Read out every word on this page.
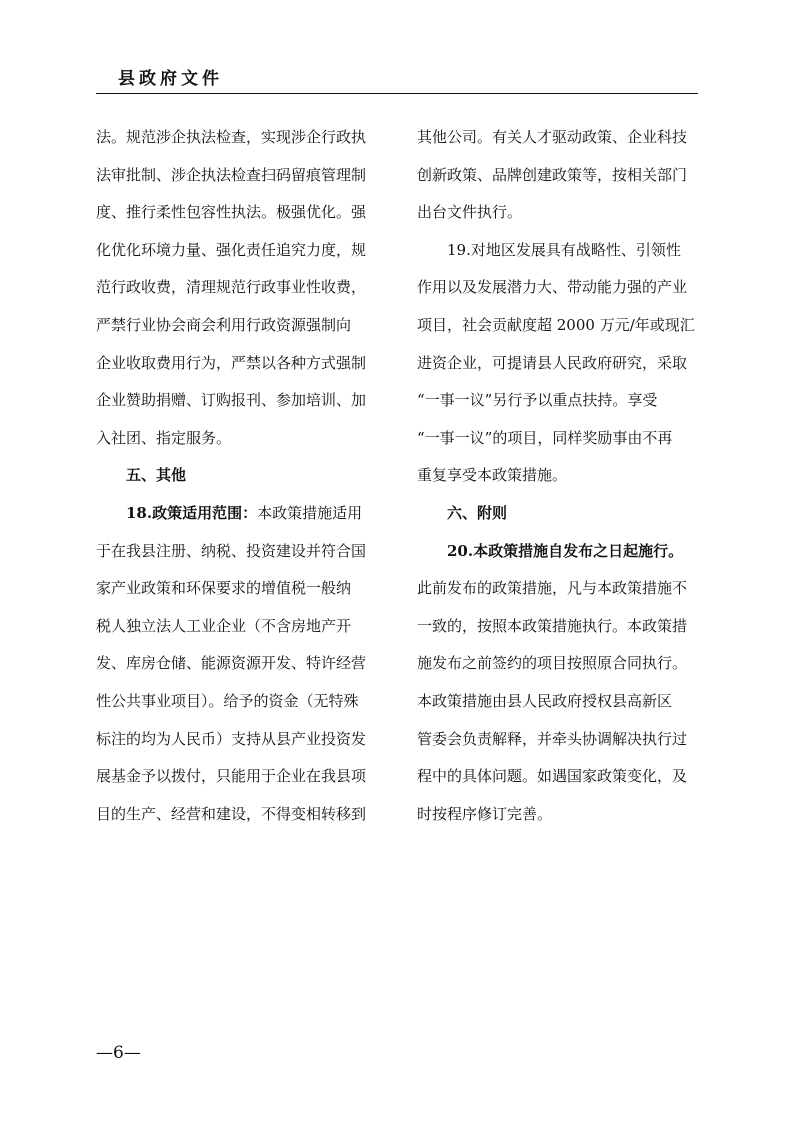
县政府文件
法。规范涉企执法检查，实现涉企行政执
法审批制、涉企执法检查扫码留痕管理制
度、推行柔性包容性执法。极强优化。强
化优化环境力量、强化责任追究力度，规
范行政收费，清理规范行政事业性收费，
严禁行业协会商会利用行政资源强制向
企业收取费用行为，严禁以各种方式强制
企业赞助捐赠、订购报刊、参加培训、加
入社团、指定服务。
五、其他
18.政策适用范围：本政策措施适用
于在我县注册、纳税、投资建设并符合国
家产业政策和环保要求的增值税一般纳
税人独立法人工业企业（不含房地产开
发、库房仓储、能源资源开发、特许经营
性公共事业项目）。给予的资金（无特殊
标注的均为人民币）支持从县产业投资发
展基金予以拨付，只能用于企业在我县项
目的生产、经营和建设，不得变相转移到
其他公司。有关人才驱动政策、企业科技
创新政策、品牌创建政策等，按相关部门
出台文件执行。
19.对地区发展具有战略性、引领性
作用以及发展潜力大、带动能力强的产业
项目，社会贡献度超 2000 万元/年或现汇
进资企业，可提请县人民政府研究，采取
“一事一议”另行予以重点扶持。享受
“一事一议”的项目，同样奖励事由不再
重复享受本政策措施。
六、附则
20.本政策措施自发布之日起施行。
此前发布的政策措施，凡与本政策措施不
一致的，按照本政策措施执行。本政策措
施发布之前签约的项目按照原合同执行。
本政策措施由县人民政府授权县高新区
管委会负责解释，并牵头协调解决执行过
程中的具体问题。如遇国家政策变化，及
时按程序修订完善。
—6—
